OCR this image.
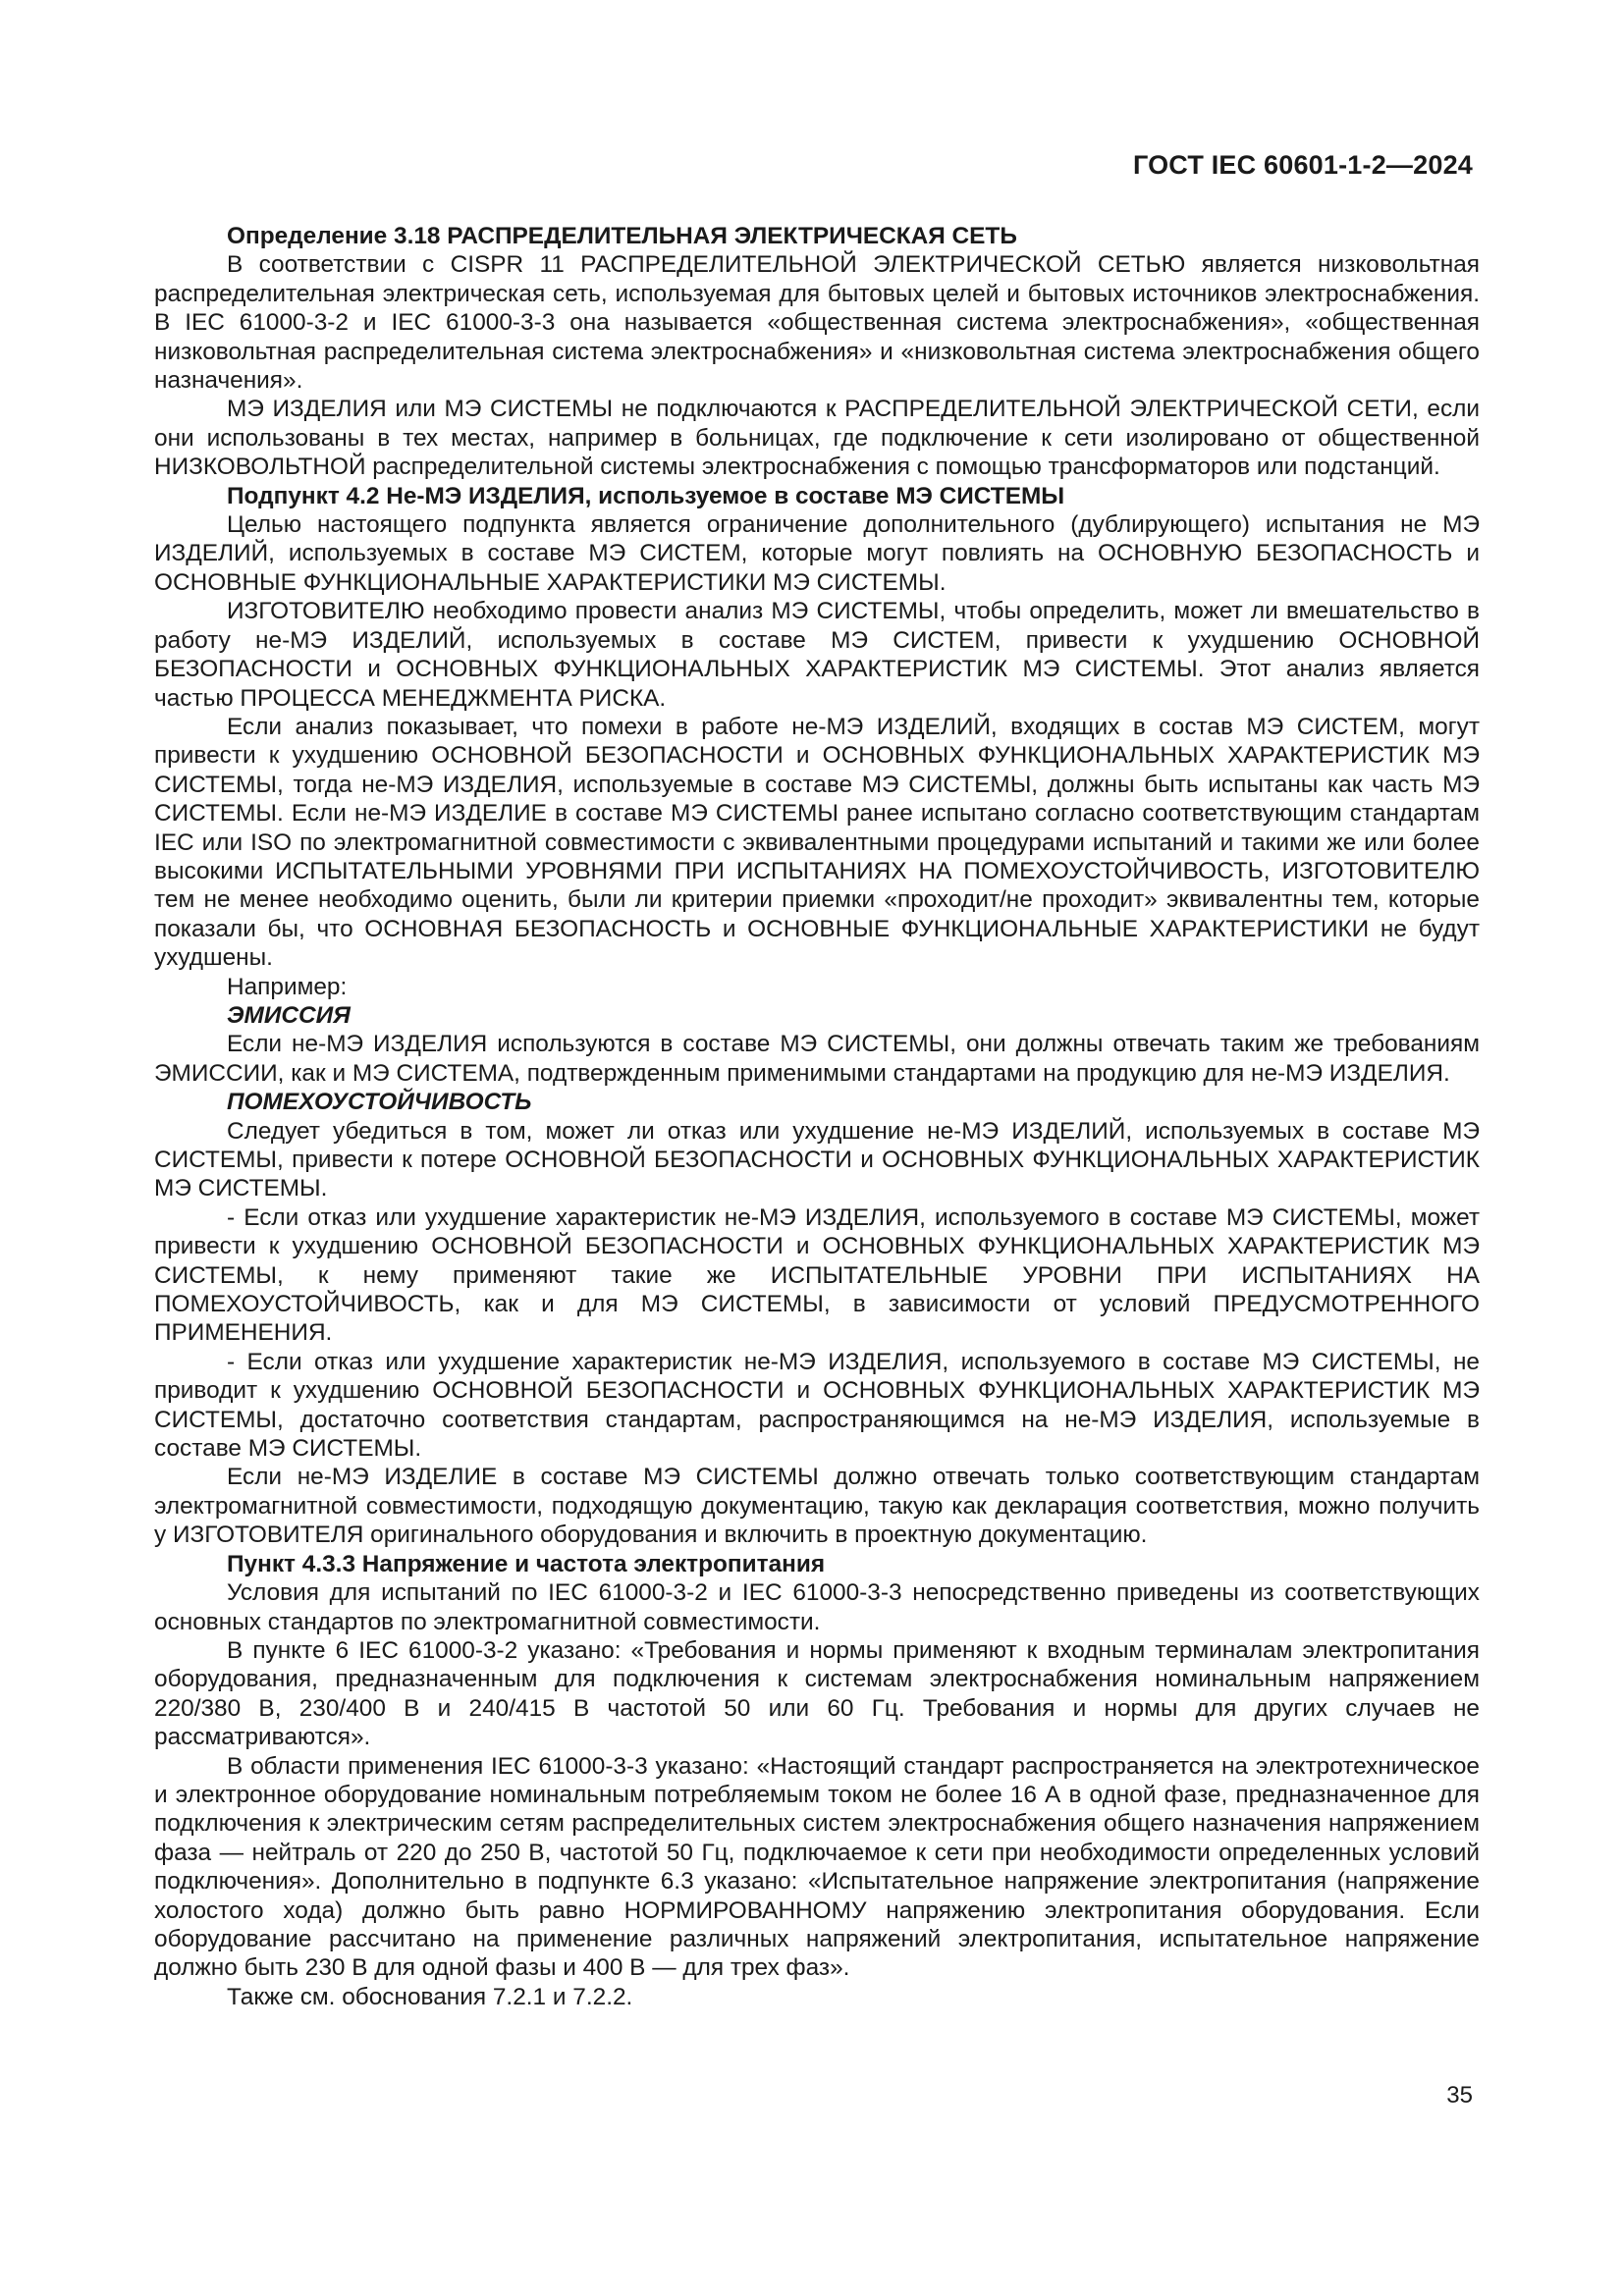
ГОСТ IEC 60601-1-2—2024

Определение 3.18 РАСПРЕДЕЛИТЕЛЬНАЯ ЭЛЕКТРИЧЕСКАЯ СЕТЬ

В соответствии с CISPR 11 РАСПРЕДЕЛИТЕЛЬНОЙ ЭЛЕКТРИЧЕСКОЙ СЕТЬЮ является низковольтная распределительная электрическая сеть, используемая для бытовых целей и бытовых источников электроснабжения. В IEC 61000-3-2 и IEC 61000-3-3 она называется «общественная система электроснабжения», «общественная низковольтная распределительная система электроснабжения» и «низковольтная система электроснабжения общего назначения».

МЭ ИЗДЕЛИЯ или МЭ СИСТЕМЫ не подключаются к РАСПРЕДЕЛИТЕЛЬНОЙ ЭЛЕКТРИЧЕСКОЙ СЕТИ, если они использованы в тех местах, например в больницах, где подключение к сети изолировано от общественной НИЗКОВОЛЬТНОЙ распределительной системы электроснабжения с помощью трансформаторов или подстанций.

Подпункт 4.2 Не-МЭ ИЗДЕЛИЯ, используемое в составе МЭ СИСТЕМЫ

Целью настоящего подпункта является ограничение дополнительного (дублирующего) испытания не МЭ ИЗДЕЛИЙ, используемых в составе МЭ СИСТЕМ, которые могут повлиять на ОСНОВНУЮ БЕЗОПАСНОСТЬ и ОСНОВНЫЕ ФУНКЦИОНАЛЬНЫЕ ХАРАКТЕРИСТИКИ МЭ СИСТЕМЫ.

ИЗГОТОВИТЕЛЮ необходимо провести анализ МЭ СИСТЕМЫ, чтобы определить, может ли вмешательство в работу не-МЭ ИЗДЕЛИЙ, используемых в составе МЭ СИСТЕМ, привести к ухудшению ОСНОВНОЙ БЕЗОПАСНОСТИ и ОСНОВНЫХ ФУНКЦИОНАЛЬНЫХ ХАРАКТЕРИСТИК МЭ СИСТЕМЫ. Этот анализ является частью ПРОЦЕССА МЕНЕДЖМЕНТА РИСКА.

Если анализ показывает, что помехи в работе не-МЭ ИЗДЕЛИЙ, входящих в состав МЭ СИСТЕМ, могут привести к ухудшению ОСНОВНОЙ БЕЗОПАСНОСТИ и ОСНОВНЫХ ФУНКЦИОНАЛЬНЫХ ХАРАКТЕРИСТИК МЭ СИСТЕМЫ, тогда не-МЭ ИЗДЕЛИЯ, используемые в составе МЭ СИСТЕМЫ, должны быть испытаны как часть МЭ СИСТЕМЫ. Если не-МЭ ИЗДЕЛИЕ в составе МЭ СИСТЕМЫ ранее испытано согласно соответствующим стандартам IEC или ISO по электромагнитной совместимости с эквивалентными процедурами испытаний и такими же или более высокими ИСПЫТАТЕЛЬНЫМИ УРОВНЯМИ ПРИ ИСПЫТАНИЯХ НА ПОМЕХОУСТОЙЧИВОСТЬ, ИЗГОТОВИТЕЛЮ тем не менее необходимо оценить, были ли критерии приемки «проходит/не проходит» эквивалентны тем, которые показали бы, что ОСНОВНАЯ БЕЗОПАСНОСТЬ и ОСНОВНЫЕ ФУНКЦИОНАЛЬНЫЕ ХАРАКТЕРИСТИКИ не будут ухудшены.

Например:

ЭМИССИЯ

Если не-МЭ ИЗДЕЛИЯ используются в составе МЭ СИСТЕМЫ, они должны отвечать таким же требованиям ЭМИССИИ, как и МЭ СИСТЕМА, подтвержденным применимыми стандартами на продукцию для не-МЭ ИЗДЕЛИЯ.

ПОМЕХОУСТОЙЧИВОСТЬ

Следует убедиться в том, может ли отказ или ухудшение не-МЭ ИЗДЕЛИЙ, используемых в составе МЭ СИСТЕМЫ, привести к потере ОСНОВНОЙ БЕЗОПАСНОСТИ и ОСНОВНЫХ ФУНКЦИОНАЛЬНЫХ ХАРАКТЕРИСТИК МЭ СИСТЕМЫ.

- Если отказ или ухудшение характеристик не-МЭ ИЗДЕЛИЯ, используемого в составе МЭ СИСТЕМЫ, может привести к ухудшению ОСНОВНОЙ БЕЗОПАСНОСТИ и ОСНОВНЫХ ФУНКЦИОНАЛЬНЫХ ХАРАКТЕРИСТИК МЭ СИСТЕМЫ, к нему применяют такие же ИСПЫТАТЕЛЬНЫЕ УРОВНИ ПРИ ИСПЫТАНИЯХ НА ПОМЕХОУСТОЙЧИВОСТЬ, как и для МЭ СИСТЕМЫ, в зависимости от условий ПРЕДУСМОТРЕННОГО ПРИМЕНЕНИЯ.

- Если отказ или ухудшение характеристик не-МЭ ИЗДЕЛИЯ, используемого в составе МЭ СИСТЕМЫ, не приводит к ухудшению ОСНОВНОЙ БЕЗОПАСНОСТИ и ОСНОВНЫХ ФУНКЦИОНАЛЬНЫХ ХАРАКТЕРИСТИК МЭ СИСТЕМЫ, достаточно соответствия стандартам, распространяющимся на не-МЭ ИЗДЕЛИЯ, используемые в составе МЭ СИСТЕМЫ.

Если не-МЭ ИЗДЕЛИЕ в составе МЭ СИСТЕМЫ должно отвечать только соответствующим стандартам электромагнитной совместимости, подходящую документацию, такую как декларация соответствия, можно получить у ИЗГОТОВИТЕЛЯ оригинального оборудования и включить в проектную документацию.

Пункт 4.3.3 Напряжение и частота электропитания

Условия для испытаний по IEC 61000-3-2 и IEC 61000-3-3 непосредственно приведены из соответствующих основных стандартов по электромагнитной совместимости.

В пункте 6 IEC 61000-3-2 указано: «Требования и нормы применяют к входным терминалам электропитания оборудования, предназначенным для подключения к системам электроснабжения номинальным напряжением 220/380 В, 230/400 В и 240/415 В частотой 50 или 60 Гц. Требования и нормы для других случаев не рассматриваются».

В области применения IEC 61000-3-3 указано: «Настоящий стандарт распространяется на электротехническое и электронное оборудование номинальным потребляемым током не более 16 А в одной фазе, предназначенное для подключения к электрическим сетям распределительных систем электроснабжения общего назначения напряжением фаза — нейтраль от 220 до 250 В, частотой 50 Гц, подключаемое к сети при необходимости определенных условий подключения». Дополнительно в подпункте 6.3 указано: «Испытательное напряжение электропитания (напряжение холостого хода) должно быть равно НОРМИРОВАННОМУ напряжению электропитания оборудования. Если оборудование рассчитано на применение различных напряжений электропитания, испытательное напряжение должно быть 230 В для одной фазы и 400 В — для трех фаз».

Также см. обоснования 7.2.1 и 7.2.2.

35
